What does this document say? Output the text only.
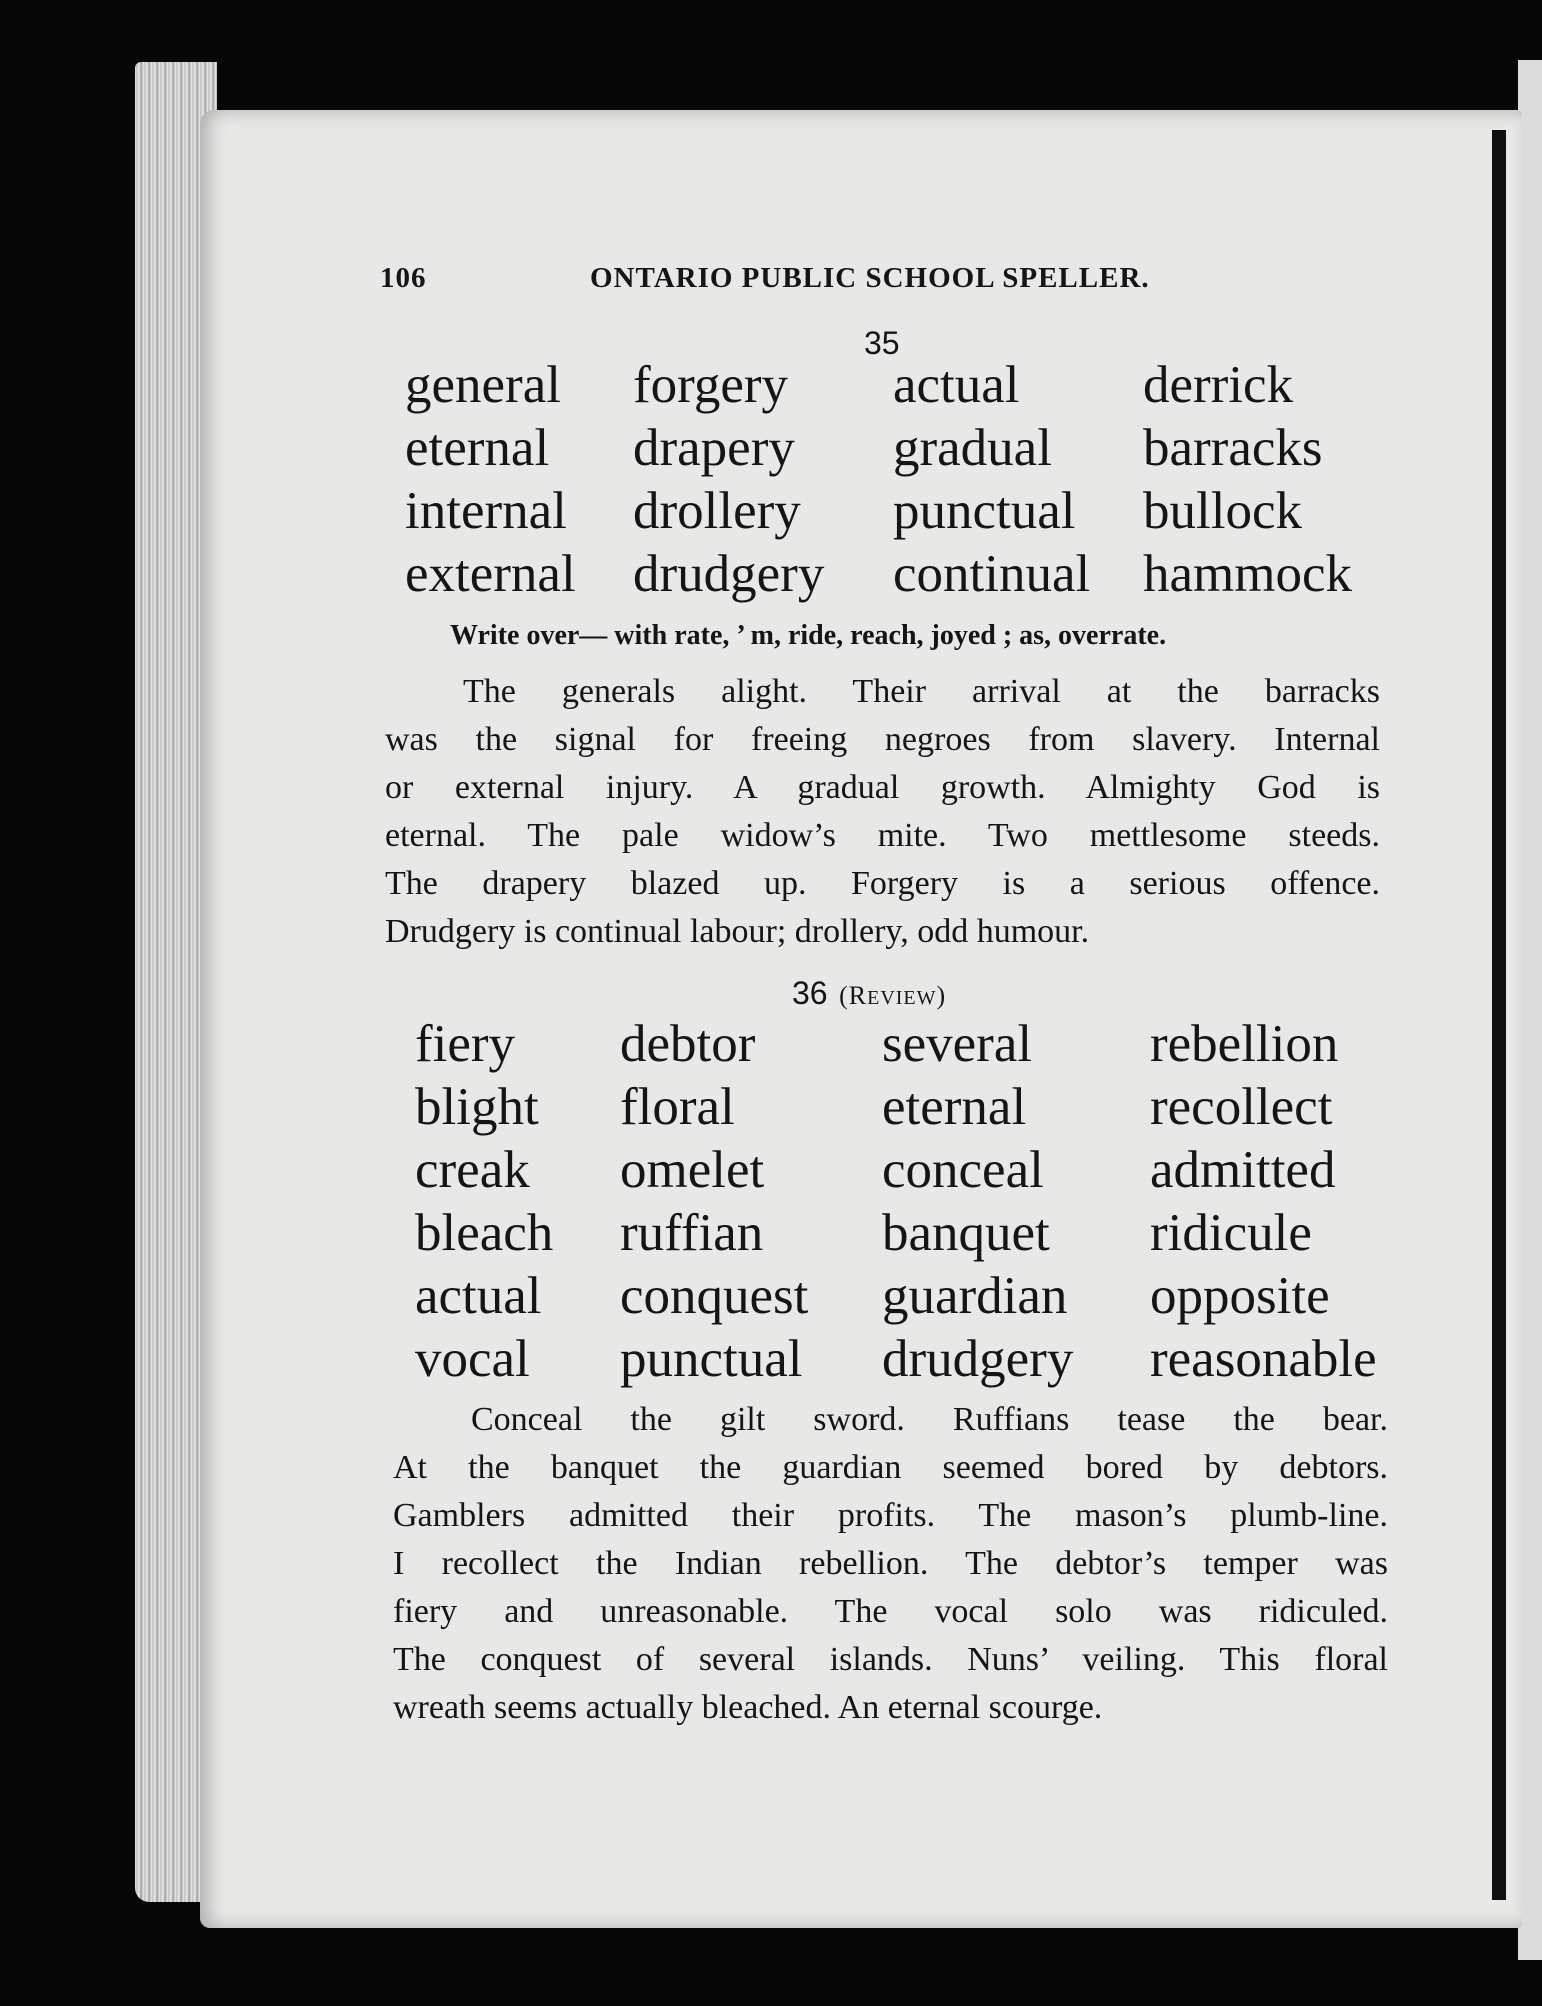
106	ONTARIO PUBLIC SCHOOL SPELLER.
35
general
eternal
internal
external
forgery
drapery
drollery
drudgery
actual
gradual
punctual
continual
derrick
barracks
bullock
hammock
Write over— with rate, ’ m, ride, reach, joyed ; as, overrate.
The generals alight. Their arrival at the barracks
was the signal for freeing negroes from slavery. Internal
or external injury. A gradual growth. Almighty God is
eternal. The pale widow’s mite. Two mettlesome steeds.
The drapery blazed up. Forgery is a serious offence.
Drudgery is continual labour; drollery, odd humour.
36 (REVIEW)
fiery
blight
creak
bleach
actual
vocal
debtor
floral
omelet
ruffian
conquest
punctual
several
eternal
conceal
banquet
guardian
drudgery
rebellion
recollect
admitted
ridicule
opposite
reasonable
Conceal the gilt sword. Ruffians tease the bear.
At the banquet the guardian seemed bored by debtors.
Gamblers admitted their profits. The mason’s plumb-line.
I recollect the Indian rebellion. The debtor’s temper was
fiery and unreasonable. The vocal solo was ridiculed.
The conquest of several islands. Nuns’ veiling. This floral
wreath seems actually bleached. An eternal scourge.
